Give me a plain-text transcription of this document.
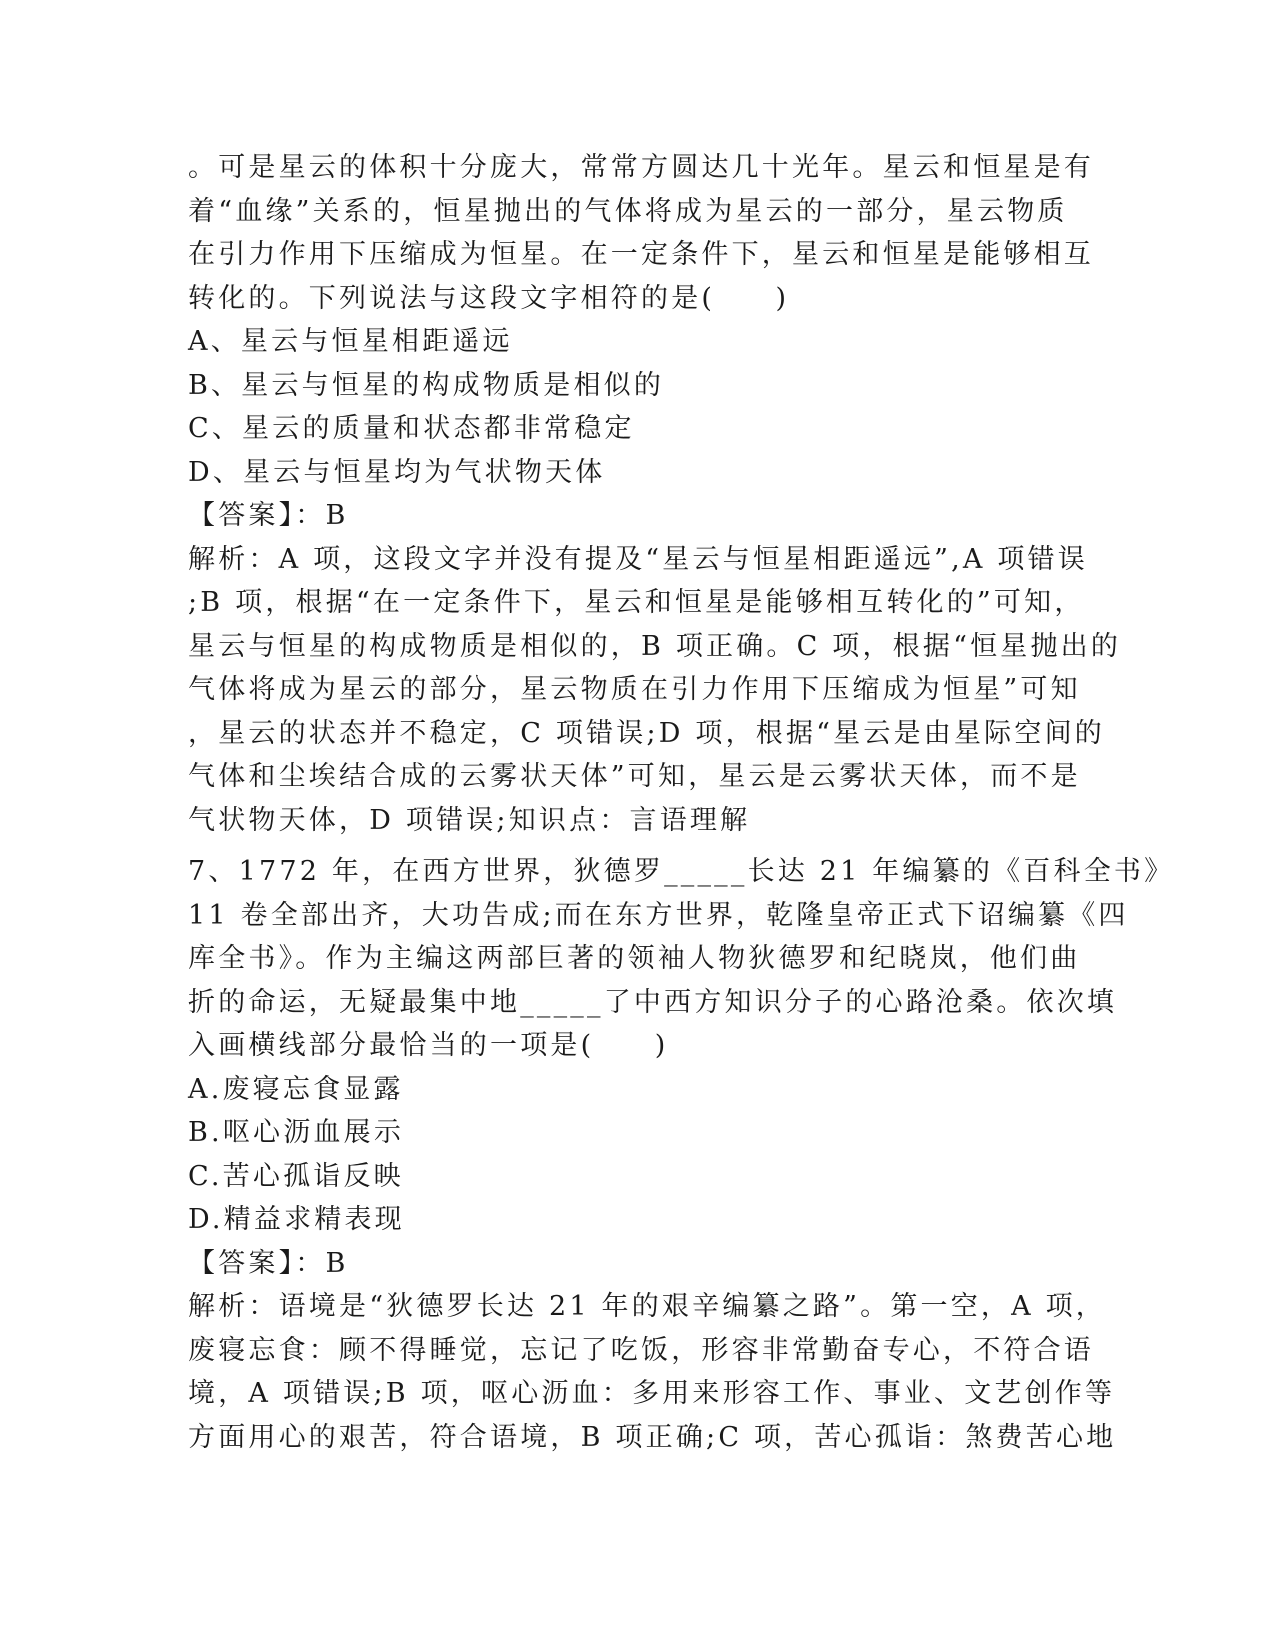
。可是星云的体积十分庞大，常常方圆达几十光年。星云和恒星是有
着“血缘”关系的，恒星抛出的气体将成为星云的一部分，星云物质
在引力作用下压缩成为恒星。在一定条件下，星云和恒星是能够相互
转化的。下列说法与这段文字相符的是(　　)
A、星云与恒星相距遥远
B、星云与恒星的构成物质是相似的
C、星云的质量和状态都非常稳定
D、星云与恒星均为气状物天体
【答案】：B
解析：A 项，这段文字并没有提及“星云与恒星相距遥远”,A 项错误
;B 项，根据“在一定条件下，星云和恒星是能够相互转化的”可知，
星云与恒星的构成物质是相似的，B 项正确。C 项，根据“恒星抛出的
气体将成为星云的部分，星云物质在引力作用下压缩成为恒星”可知
，星云的状态并不稳定，C 项错误;D 项，根据“星云是由星际空间的
气体和尘埃结合成的云雾状天体”可知，星云是云雾状天体，而不是
气状物天体，D 项错误;知识点：言语理解
7、1772 年，在西方世界，狄德罗_____长达 21 年编纂的《百科全书》
11 卷全部出齐，大功告成;而在东方世界，乾隆皇帝正式下诏编纂《四
库全书》。作为主编这两部巨著的领袖人物狄德罗和纪晓岚，他们曲
折的命运，无疑最集中地_____了中西方知识分子的心路沧桑。依次填
入画横线部分最恰当的一项是(　　)
A.废寝忘食显露
B.呕心沥血展示
C.苦心孤诣反映
D.精益求精表现
【答案】：B
解析：语境是“狄德罗长达 21 年的艰辛编纂之路”。第一空，A 项，
废寝忘食：顾不得睡觉，忘记了吃饭，形容非常勤奋专心，不符合语
境，A 项错误;B 项，呕心沥血：多用来形容工作、事业、文艺创作等
方面用心的艰苦，符合语境，B 项正确;C 项，苦心孤诣：煞费苦心地
